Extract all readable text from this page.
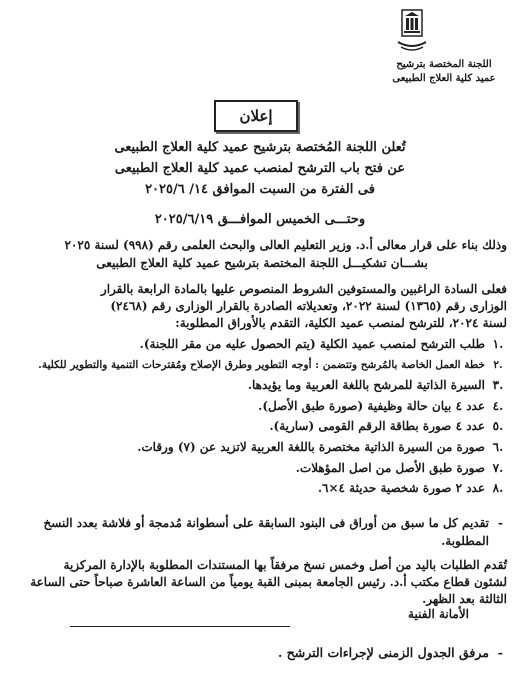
اللجنة المختصة بترشيح
عميد كلية العلاج الطبيعى
إعلان
تُعلن اللجنة المُختصة بترشيح عميد كلية العلاج الطبيعى
عن فتح باب الترشح لمنصب عميد كلية العلاج الطبيعى
فى الفترة من السبت الموافق ١٤/ ٢٠٢٥/٦
وحتـــى الخميس الموافـــق ٢٠٢٥/٦/١٩
وذلك بناء على قرار معالى أ.د. وزير التعليم العالى والبحث العلمى رقم (٩٩٨) لسنة ٢٠٢٥
بشـــان تشكيـــل اللجنة المختصة بترشيح عميد كلية العلاج الطبيعى
فعلى السادة الراغبين والمستوفين الشروط المنصوص عليها بالمادة الرابعة بالقرار
الوزارى رقم (١٣٦٥) لسنة ٢٠٢٢، وتعديلاته الصادرة بالقرار الوزارى رقم (٢٤٦٨)
لسنة ٢٠٢٤، للترشح لمنصب عميد الكلية، التقدم بالأوراق المطلوبة:
.١
طلب الترشح لمنصب عميد الكلية (يتم الحصول عليه من مقر اللجنة).
.٢
خطة العمل الخاصة بالمُرشح وتتضمن : أوجه التطوير وطرق الإصلاح ومُقترحات التنمية والتطوير للكلية.
.٣
السيرة الذاتية للمرشح باللغة العربية وما يؤيدها.
.٤
عدد ٤ بيان حالة وظيفية (صورة طبق الأصل).
.٥
عدد ٤ صورة بطاقة الرقم القومى (سارية).
.٦
صورة من السيرة الذاتية مختصرة باللغة العربية لاتزيد عن (٧) ورقات.
.٧
صورة طبق الأصل من اصل المؤهلات.
.٨
عدد ٢ صورة شخصية حديثة ٤×٦.
-
تقديم كل ما سبق من أوراق فى البنود السابقة على أسطوانة مُدمجة أو فلاشة بعدد النسخ
المطلوبة.
تُقدم الطلبات باليد من أصل وخمس نسخ مرفقاً بها المستندات المطلوبة بالإدارة المركزية
لشئون قطاع مكتب أ.د. رئيس الجامعة بمبنى القبة يومياً من الساعة العاشرة صباحاً حتى الساعة
الثالثة بعد الظهر.
الأمانة الفنية
-
مرفق الجدول الزمنى لإجراءات الترشح .
